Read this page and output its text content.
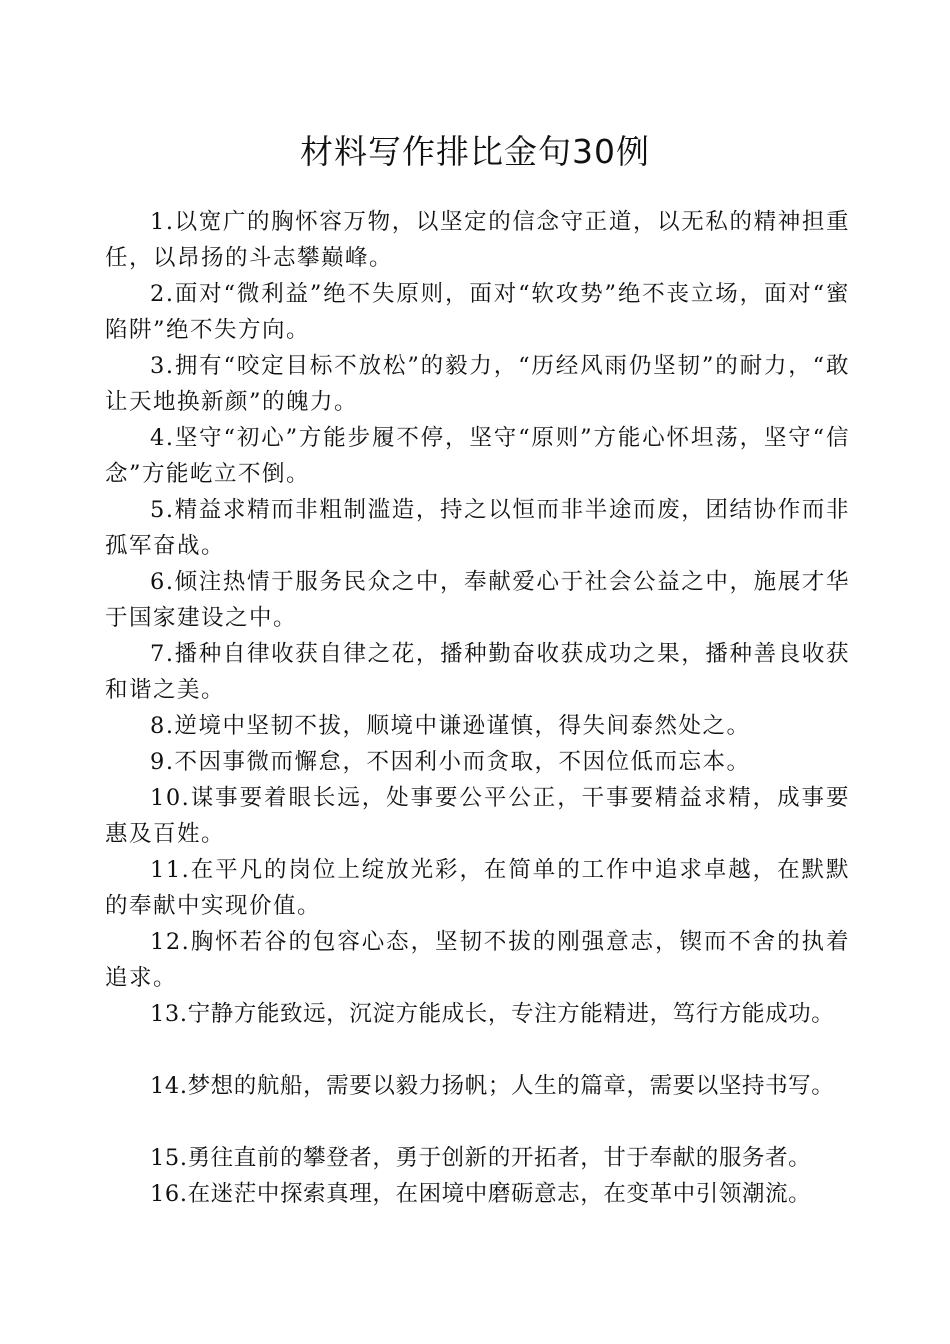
材料写作排比金句30例

1.以宽广的胸怀容万物，以坚定的信念守正道，以无私的精神担重任，以昂扬的斗志攀巅峰。

2.面对“微利益”绝不失原则，面对“软攻势”绝不丧立场，面对“蜜陷阱”绝不失方向。

3.拥有“咬定目标不放松”的毅力，“历经风雨仍坚韧”的耐力，“敢让天地换新颜”的魄力。

4.坚守“初心”方能步履不停，坚守“原则”方能心怀坦荡，坚守“信念”方能屹立不倒。

5.精益求精而非粗制滥造，持之以恒而非半途而废，团结协作而非孤军奋战。

6.倾注热情于服务民众之中，奉献爱心于社会公益之中，施展才华于国家建设之中。

7.播种自律收获自律之花，播种勤奋收获成功之果，播种善良收获和谐之美。

8.逆境中坚韧不拔，顺境中谦逊谨慎，得失间泰然处之。

9.不因事微而懈怠，不因利小而贪取，不因位低而忘本。

10.谋事要着眼长远，处事要公平公正，干事要精益求精，成事要惠及百姓。

11.在平凡的岗位上绽放光彩，在简单的工作中追求卓越，在默默的奉献中实现价值。

12.胸怀若谷的包容心态，坚韧不拔的刚强意志，锲而不舍的执着追求。

13.宁静方能致远，沉淀方能成长，专注方能精进，笃行方能成功。

14.梦想的航船，需要以毅力扬帆；人生的篇章，需要以坚持书写。

15.勇往直前的攀登者，勇于创新的开拓者，甘于奉献的服务者。

16.在迷茫中探索真理，在困境中磨砺意志，在变革中引领潮流。
